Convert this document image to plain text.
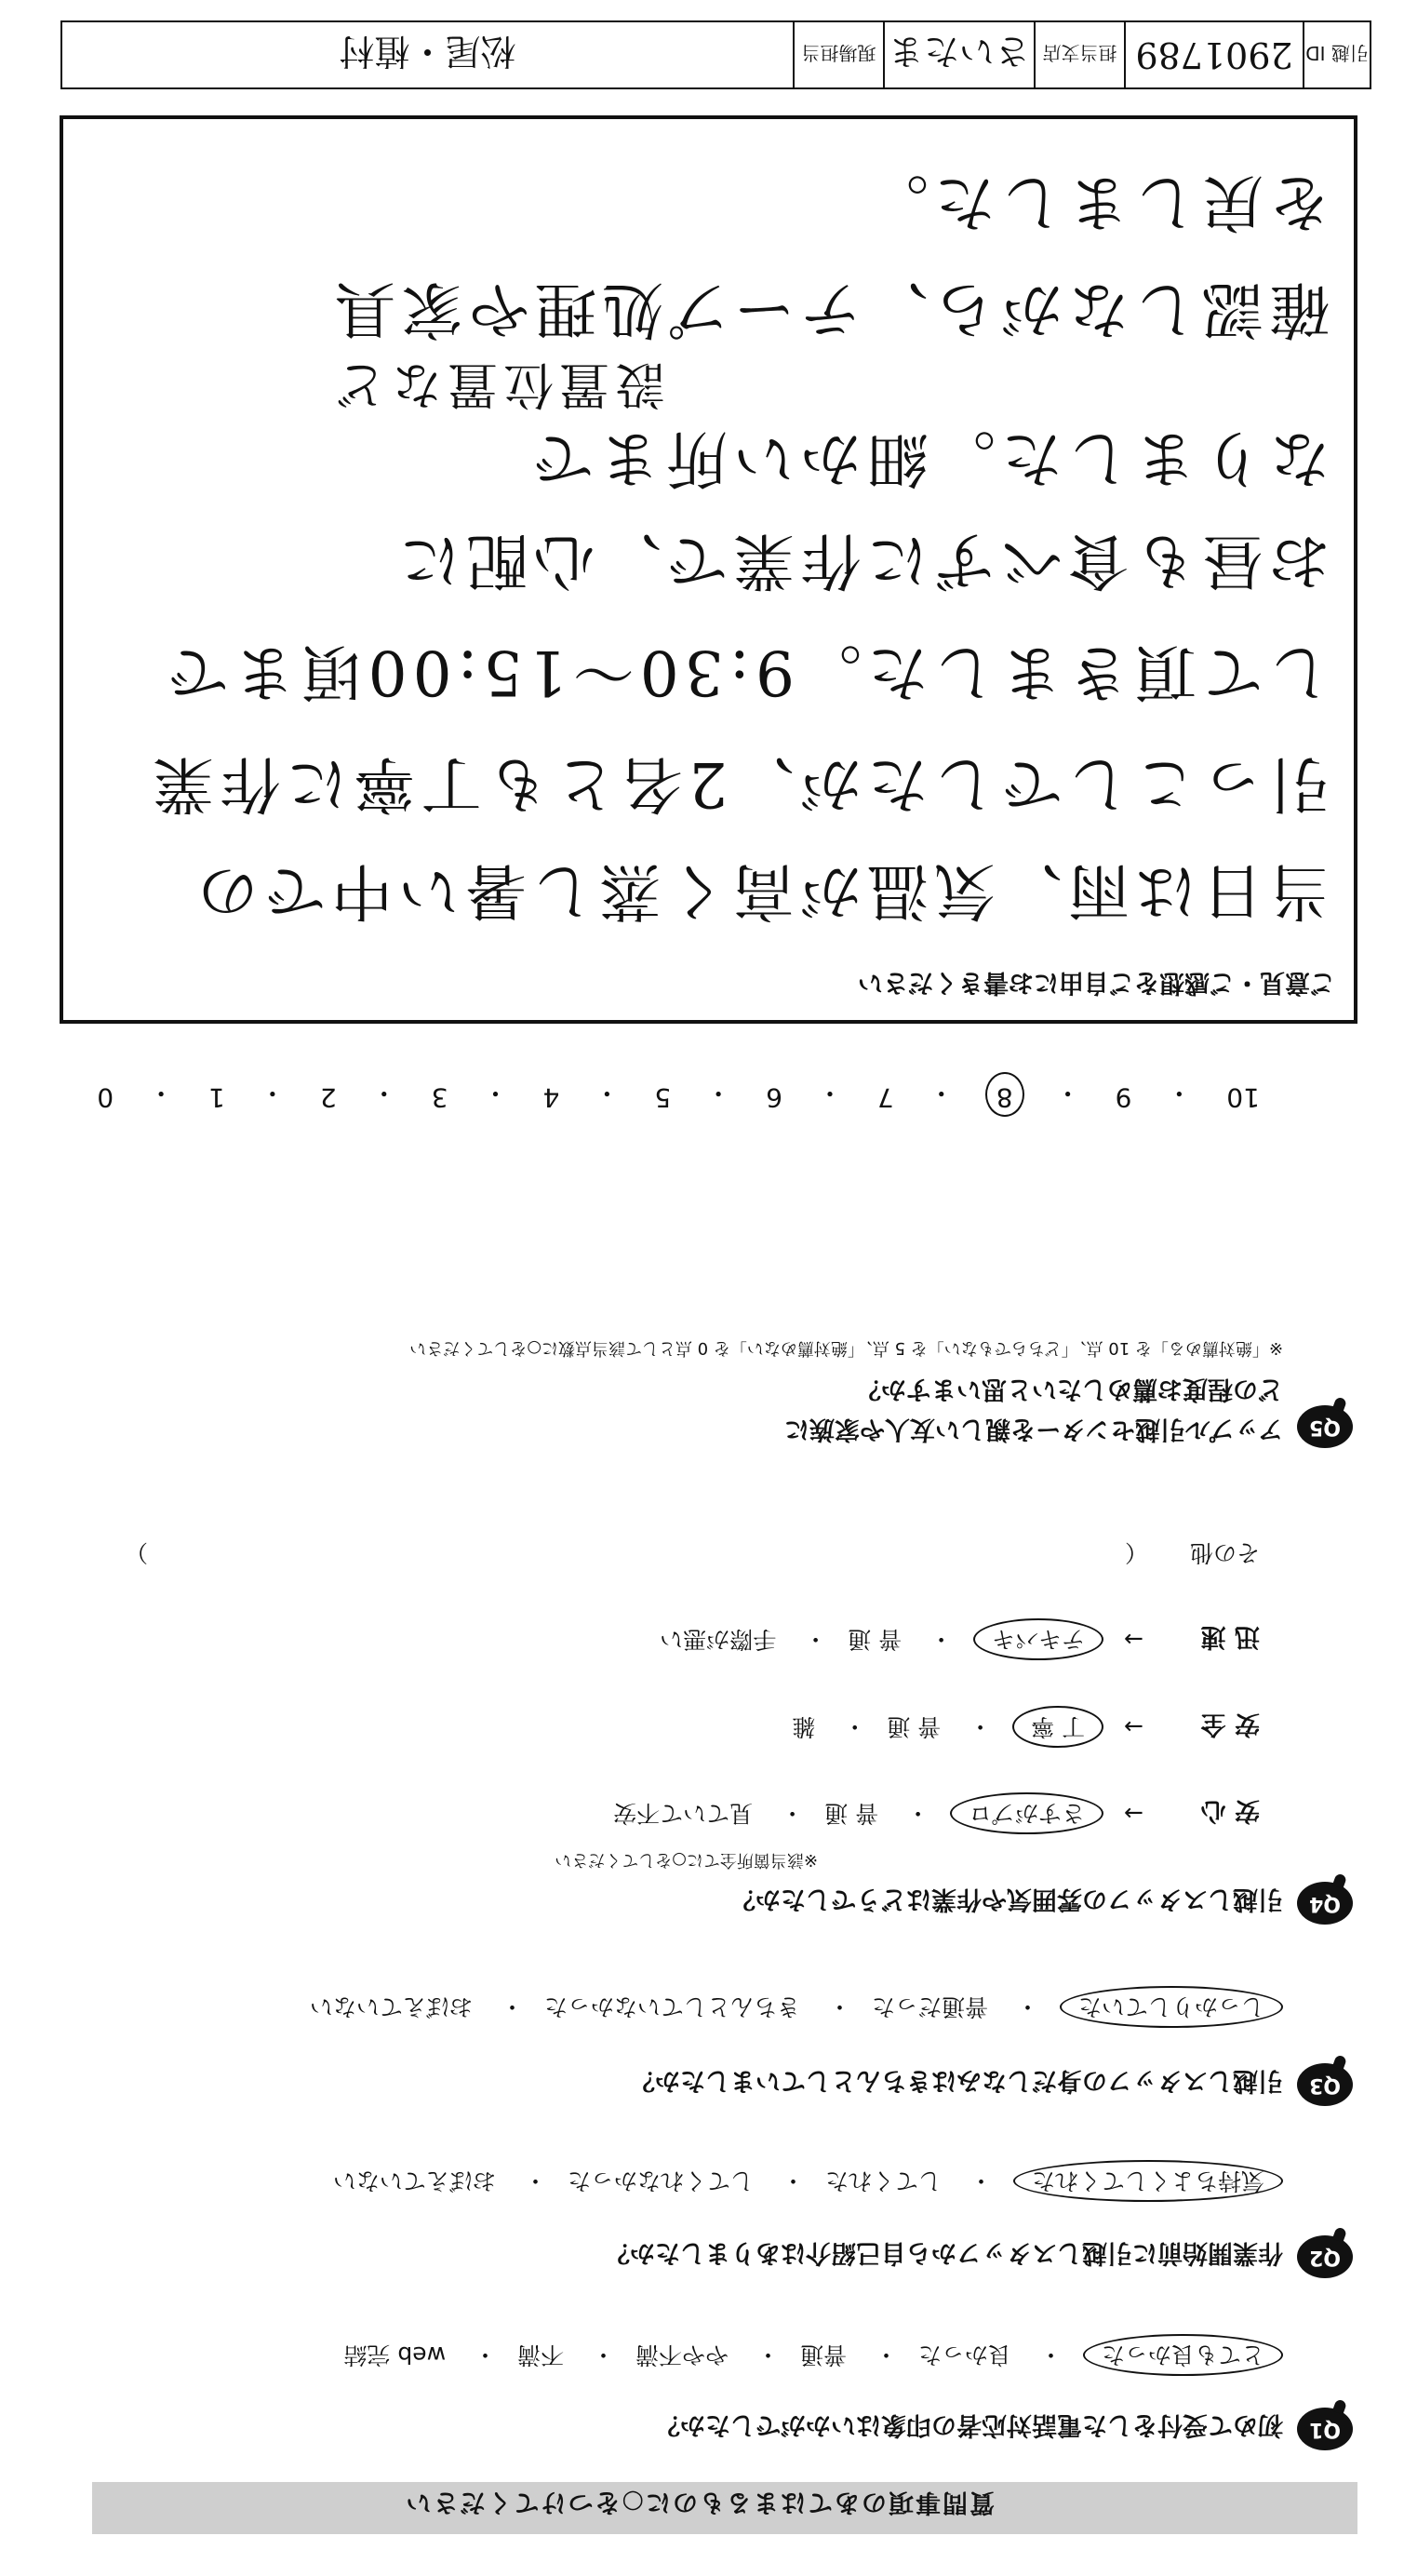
質問事項のあてはまるものに○をつけてください
Q1
初めて受付をした電話対応者の印象はいかがでしたか？
とても良かった・ 良かった・ 普通・ やや不満・ 不満・ web 完結
Q2
作業開始前に引越しスタッフから自己紹介はありましたか？
気持ちよくしてくれた・ してくれた・ してくれなかった・ おぼえていない
Q3
引越しスタッフの身だしなみはきちんとしていましたか？
しっかりしていた・ 普通だった・ きちんとしていなかった・ おぼえていない
Q4
引越しスタッフの雰囲気や作業はどうでしたか？
※該当箇所全てに○をしてください
安 心
→ さすがプロ・ 普 通・ 見ていて不安
安 全
→ 丁 寧・ 普 通・ 雑
迅 速
→ テキパキ・ 普 通・ 手際が悪い
その他
（
）
Q5
アップル引越センターを親しい友人や家族に
どの程度お薦めしたいと思いますか？
※「絶対薦める」を 10 点、「どちらでもない」を 5 点、「絶対薦めない」を 0 点として該当点数に○をしてください
10
・
9
・
8
・
7
・
6
・
5
・
4
・
3
・
2
・
1
・
0
ご意見・ご感想をご自由にお書きください
当日は雨、気温が高く蒸し暑い中での
引っこしでしたが、2名とも丁寧に作業
して頂きました。9:30〜15:00頃まで
お昼も食べずに作業で、心配に
なりました。細かい所まで
設置位置など
確認しながら、テープ処理や家具
を戻しました。
引越 ID
2901789
担当支店
さいたま
現場担当
松尾・植村
